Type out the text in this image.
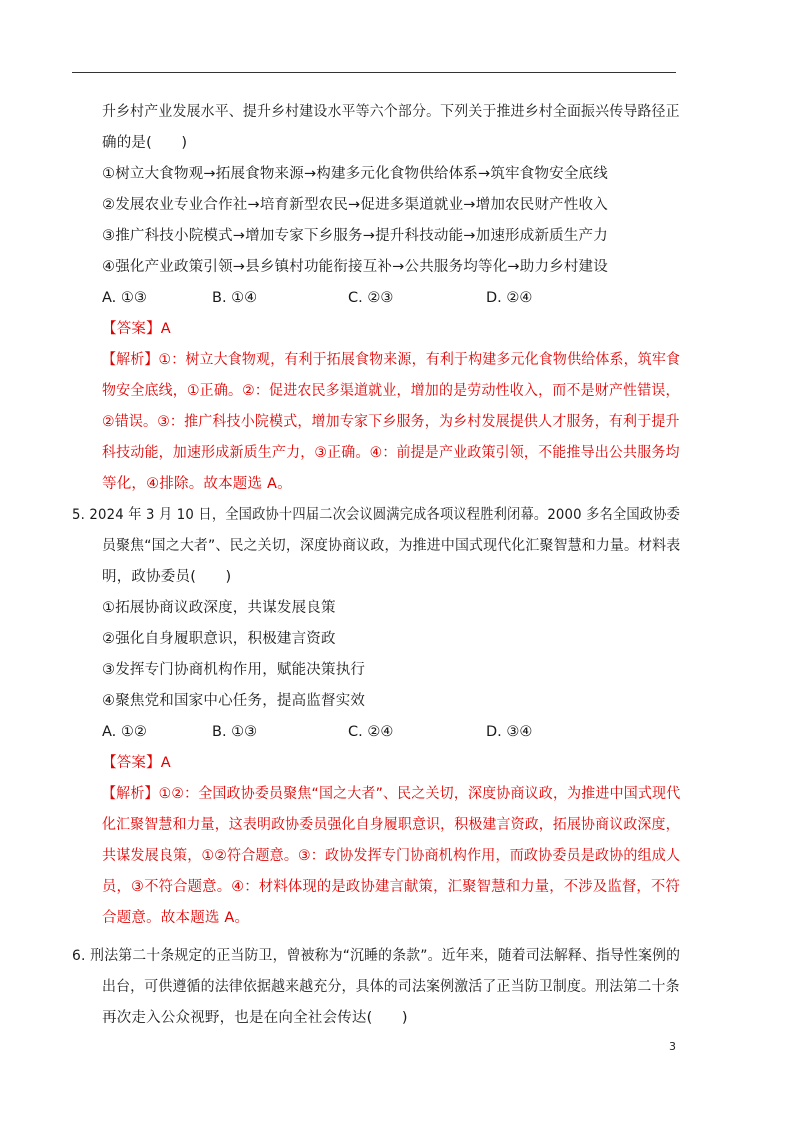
升乡村产业发展水平、提升乡村建设水平等六个部分。下列关于推进乡村全面振兴传导路径正
确的是(　　)
①树立大食物观→拓展食物来源→构建多元化食物供给体系→筑牢食物安全底线
②发展农业专业合作社→培育新型农民→促进多渠道就业→增加农民财产性收入
③推广科技小院模式→增加专家下乡服务→提升科技动能→加速形成新质生产力
④强化产业政策引领→县乡镇村功能衔接互补→公共服务均等化→助力乡村建设
A. ①③	B. ①④	C. ②③	D. ②④
【答案】A
【解析】①：树立大食物观，有利于拓展食物来源，有利于构建多元化食物供给体系，筑牢食
物安全底线，①正确。②：促进农民多渠道就业，增加的是劳动性收入，而不是财产性错误，
②错误。③：推广科技小院模式，增加专家下乡服务，为乡村发展提供人才服务，有利于提升
科技动能，加速形成新质生产力，③正确。④：前提是产业政策引领，不能推导出公共服务均
等化，④排除。故本题选 A。
5. 2024 年 3 月 10 日，全国政协十四届二次会议圆满完成各项议程胜利闭幕。2000 多名全国政协委
员聚焦“国之大者”、民之关切，深度协商议政，为推进中国式现代化汇聚智慧和力量。材料表
明，政协委员(　　)
①拓展协商议政深度，共谋发展良策
②强化自身履职意识，积极建言资政
③发挥专门协商机构作用，赋能决策执行
④聚焦党和国家中心任务，提高监督实效
A. ①②	B. ①③	C. ②④	D. ③④
【答案】A
【解析】①②：全国政协委员聚焦“国之大者”、民之关切，深度协商议政，为推进中国式现代
化汇聚智慧和力量，这表明政协委员强化自身履职意识，积极建言资政，拓展协商议政深度，
共谋发展良策，①②符合题意。③：政协发挥专门协商机构作用，而政协委员是政协的组成人
员，③不符合题意。④：材料体现的是政协建言献策，汇聚智慧和力量，不涉及监督，不符
合题意。故本题选 A。
6. 刑法第二十条规定的正当防卫，曾被称为“沉睡的条款”。近年来，随着司法解释、指导性案例的
出台，可供遵循的法律依据越来越充分，具体的司法案例激活了正当防卫制度。刑法第二十条
再次走入公众视野，也是在向全社会传达(　　)
3
